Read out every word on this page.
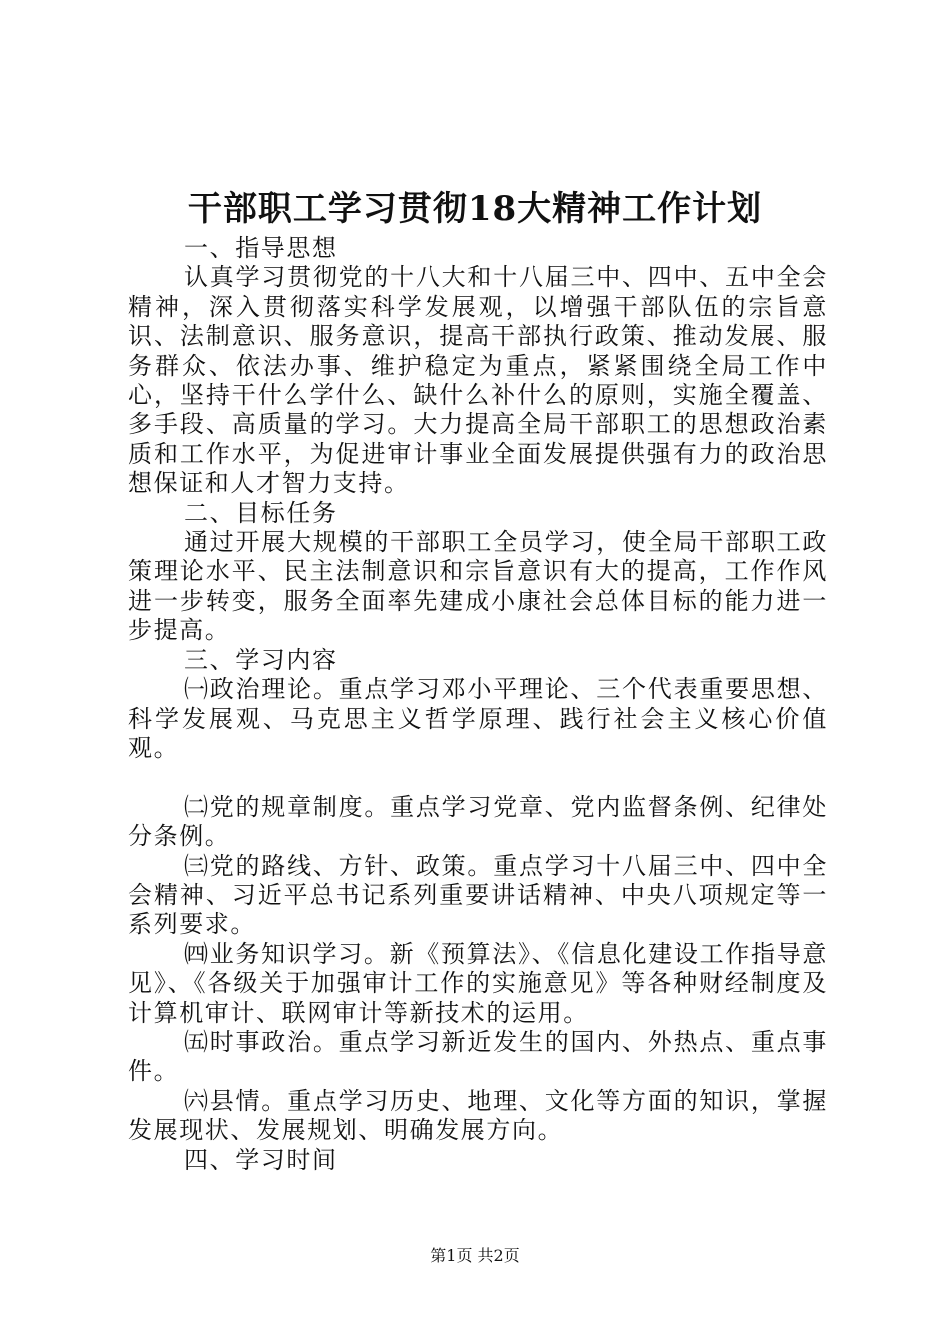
干部职工学习贯彻18大精神工作计划

一、指导思想

认真学习贯彻党的十八大和十八届三中、四中、五中全会精神，深入贯彻落实科学发展观，以增强干部队伍的宗旨意识、法制意识、服务意识，提高干部执行政策、推动发展、服务群众、依法办事、维护稳定为重点，紧紧围绕全局工作中心，坚持干什么学什么、缺什么补什么的原则，实施全覆盖、多手段、高质量的学习。大力提高全局干部职工的思想政治素质和工作水平，为促进审计事业全面发展提供强有力的政治思想保证和人才智力支持。

二、目标任务

通过开展大规模的干部职工全员学习，使全局干部职工政策理论水平、民主法制意识和宗旨意识有大的提高，工作作风进一步转变，服务全面率先建成小康社会总体目标的能力进一步提高。

三、学习内容

㈠政治理论。重点学习邓小平理论、三个代表重要思想、科学发展观、马克思主义哲学原理、践行社会主义核心价值观。

㈡党的规章制度。重点学习党章、党内监督条例、纪律处分条例。

㈢党的路线、方针、政策。重点学习十八届三中、四中全会精神、习近平总书记系列重要讲话精神、中央八项规定等一系列要求。

㈣业务知识学习。新《预算法》、《信息化建设工作指导意见》、《各级关于加强审计工作的实施意见》等各种财经制度及计算机审计、联网审计等新技术的运用。

㈤时事政治。重点学习新近发生的国内、外热点、重点事件。

㈥县情。重点学习历史、地理、文化等方面的知识，掌握发展现状、发展规划、明确发展方向。

四、学习时间

第1页 共2页
